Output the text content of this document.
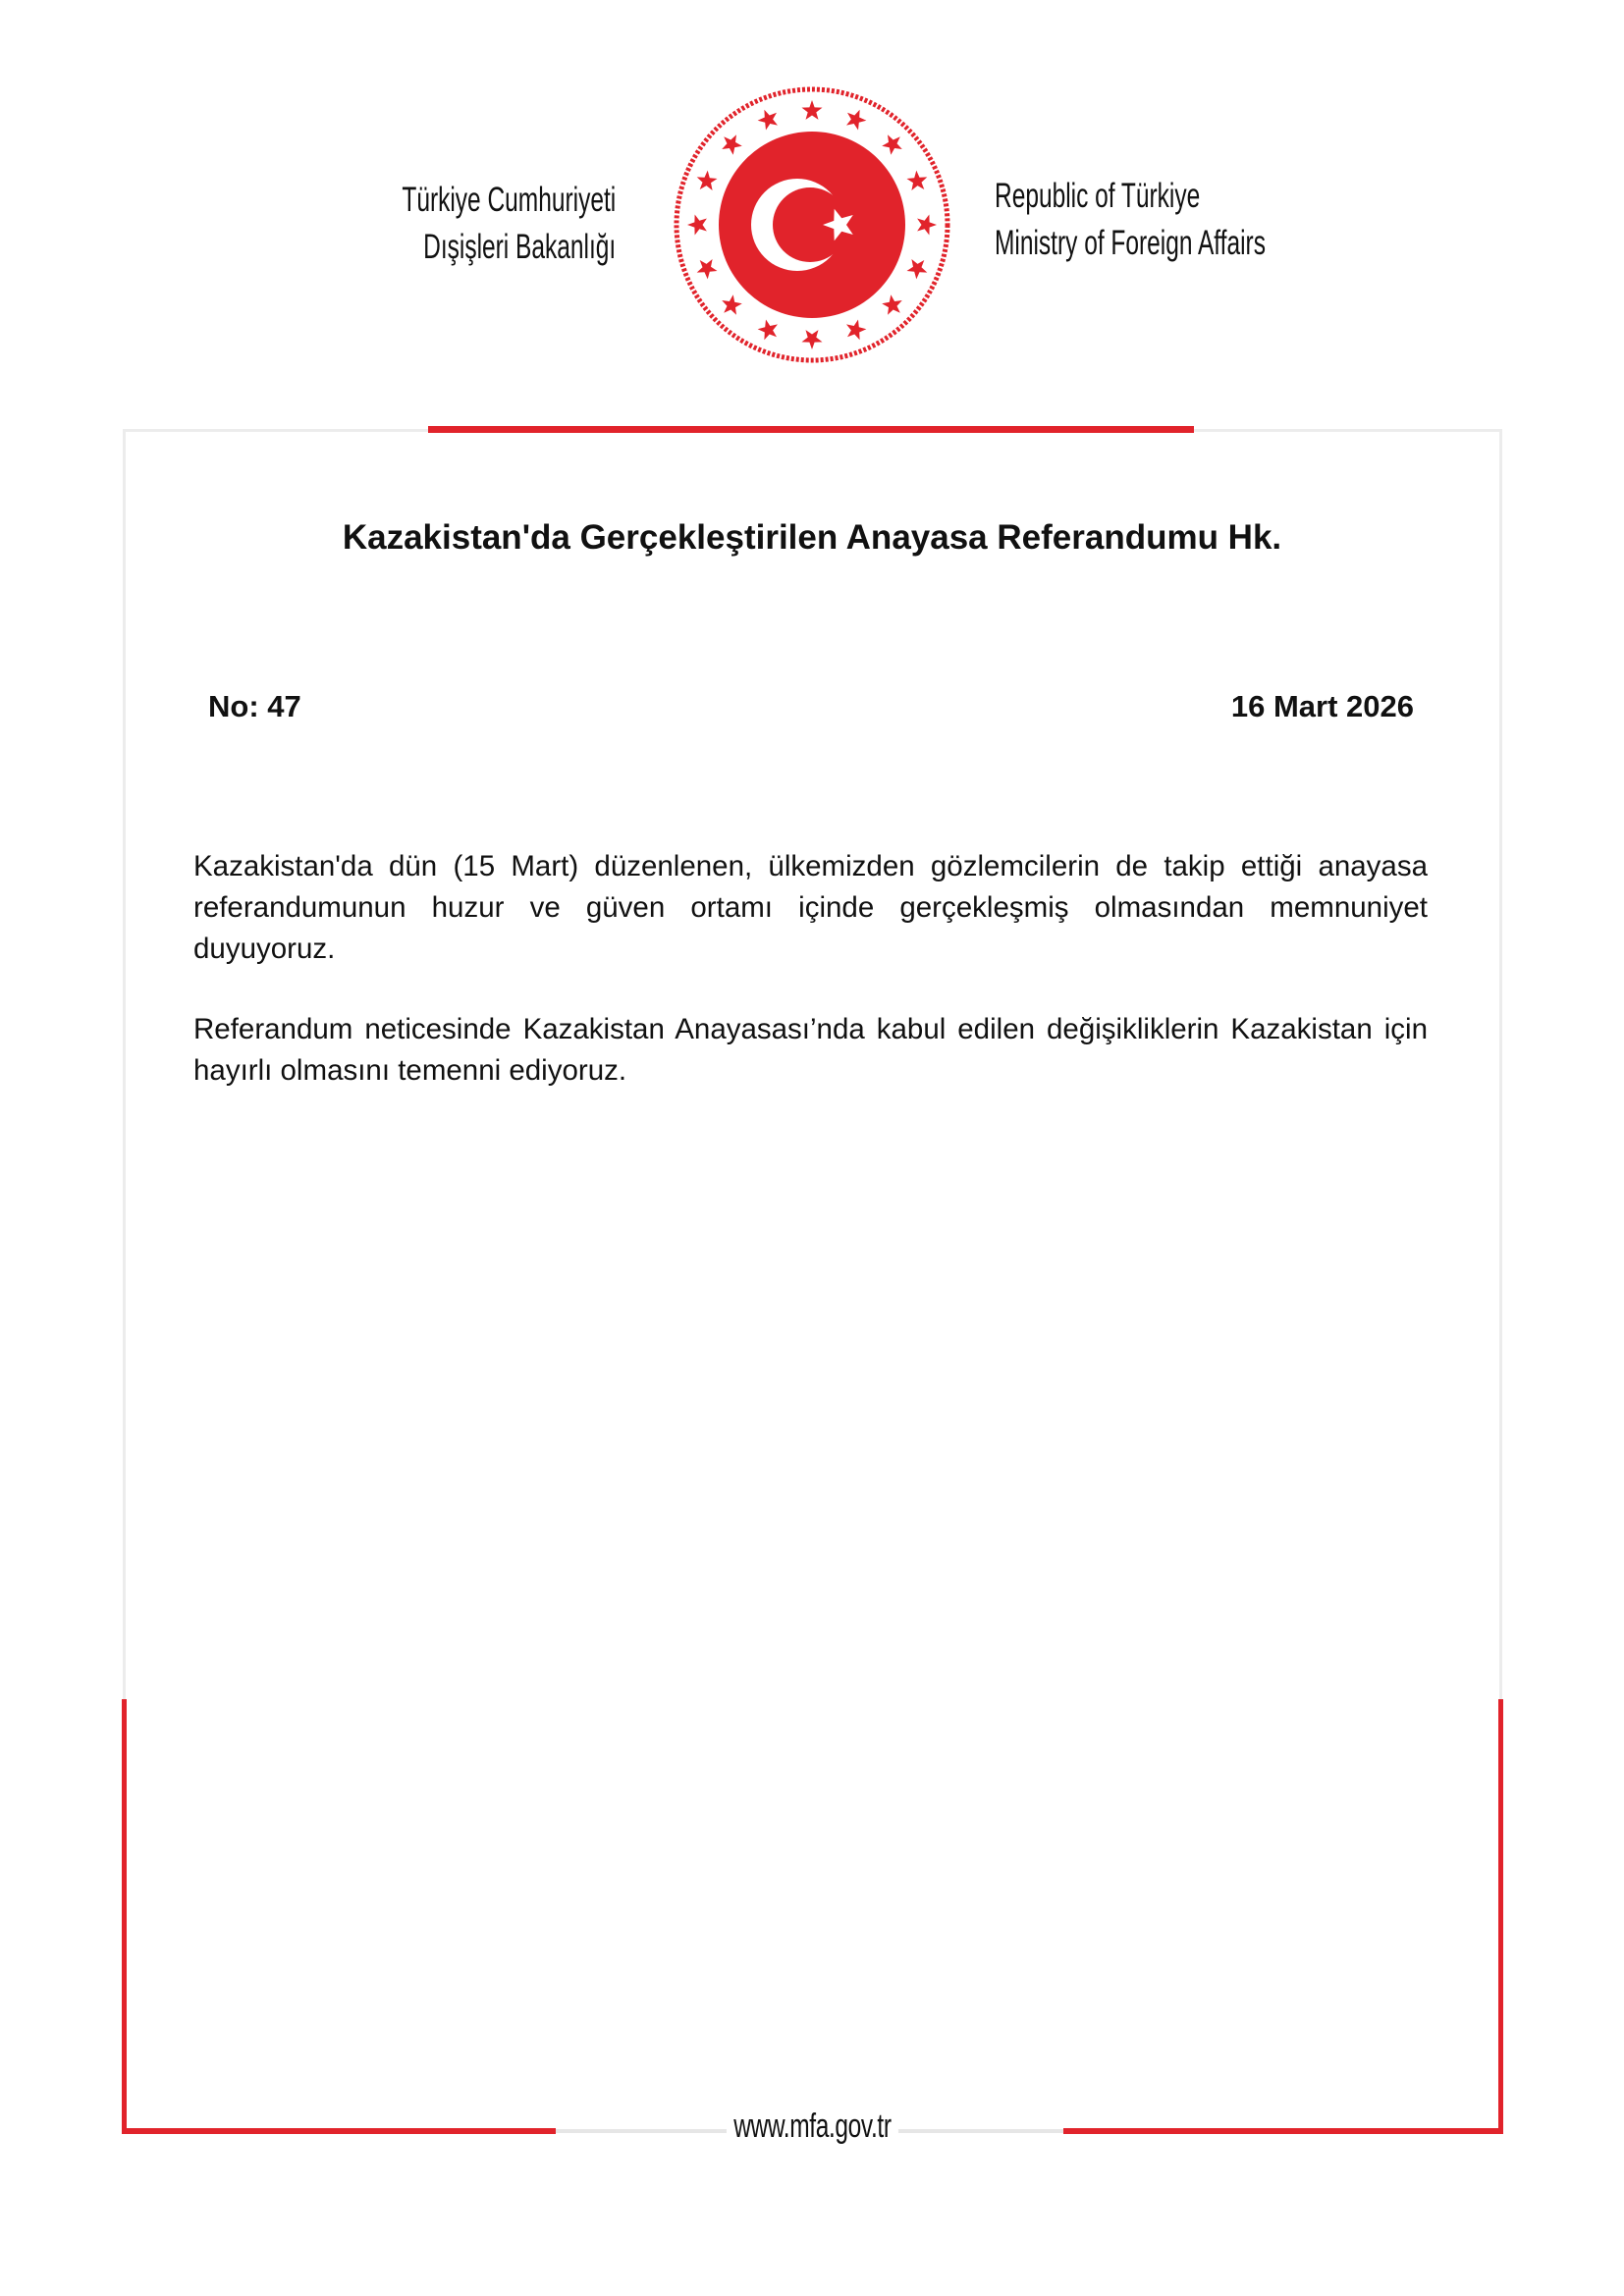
Türkiye Cumhuriyeti
Dışişleri Bakanlığı
Republic of Türkiye
Ministry of Foreign Affairs
Kazakistan'da Gerçekleştirilen Anayasa Referandumu Hk.
No: 47	16 Mart 2026

Kazakistan'da dün (15 Mart) düzenlenen, ülkemizden gözlemcilerin de takip ettiği anayasa referandumunun huzur ve güven ortamı içinde gerçekleşmiş olmasından memnuniyet duyuyoruz.

Referandum neticesinde Kazakistan Anayasası’nda kabul edilen değişikliklerin Kazakistan için hayırlı olmasını temenni ediyoruz.

www.mfa.gov.tr
